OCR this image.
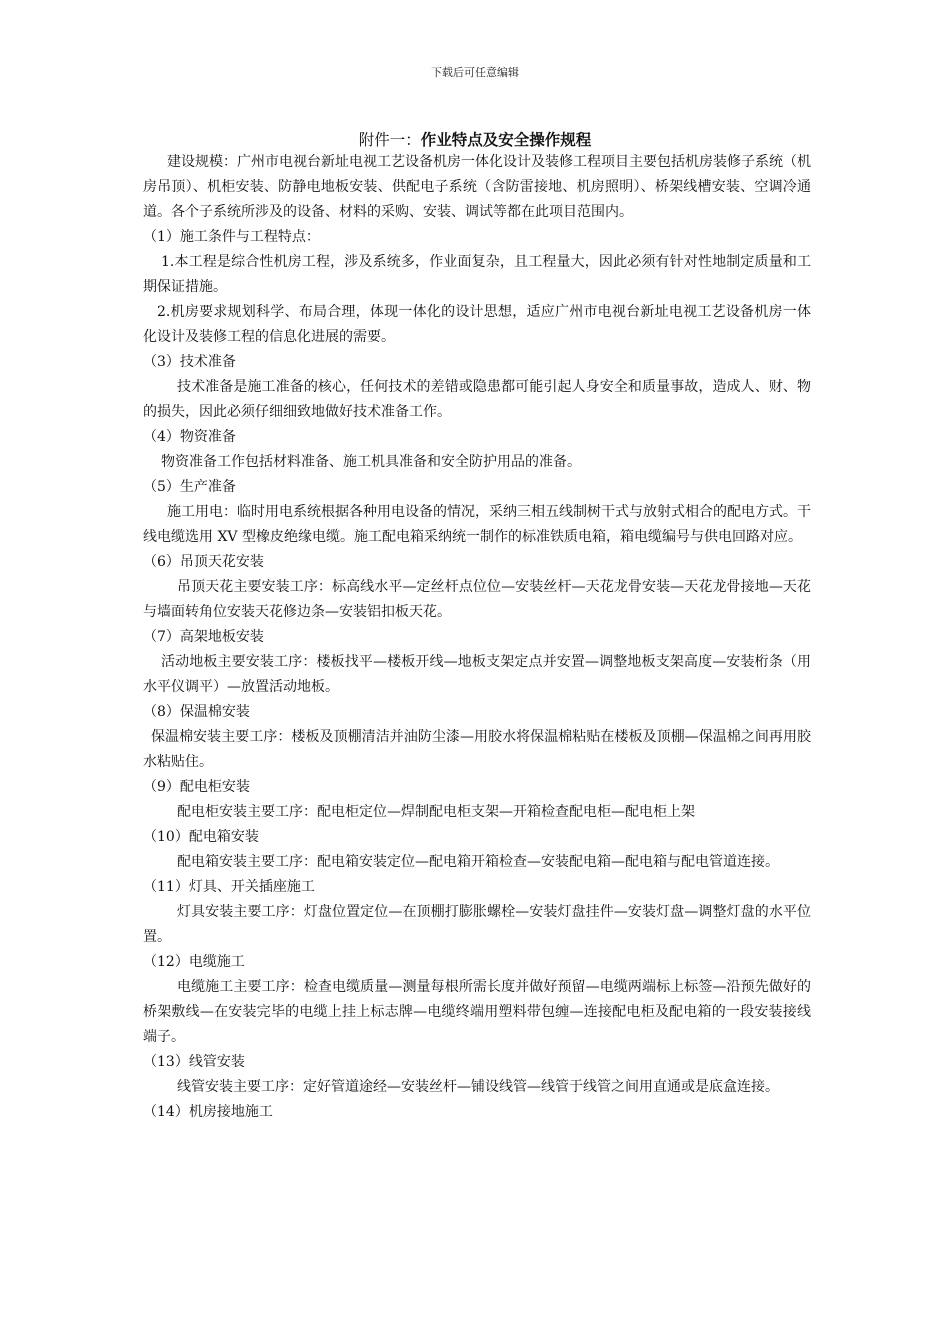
下载后可任意编辑
附件一：作业特点及安全操作规程

建设规模：广州市电视台新址电视工艺设备机房一体化设计及装修工程项目主要包括机房装修子系统（机房吊顶）、机柜安装、防静电地板安装、供配电子系统（含防雷接地、机房照明）、桥架线槽安装、空调冷通道。各个子系统所涉及的设备、材料的采购、安装、调试等都在此项目范围内。

（1）施工条件与工程特点：

1.本工程是综合性机房工程，涉及系统多，作业面复杂，且工程量大，因此必须有针对性地制定质量和工期保证措施。

2.机房要求规划科学、布局合理，体现一体化的设计思想，适应广州市电视台新址电视工艺设备机房一体化设计及装修工程的信息化进展的需要。

（3）技术准备

技术准备是施工准备的核心，任何技术的差错或隐患都可能引起人身安全和质量事故，造成人、财、物的损失，因此必须仔细细致地做好技术准备工作。

（4）物资准备

物资准备工作包括材料准备、施工机具准备和安全防护用品的准备。

（5）生产准备

施工用电：临时用电系统根据各种用电设备的情况，采纳三相五线制树干式与放射式相合的配电方式。干线电缆选用 XV 型橡皮绝缘电缆。施工配电箱采纳统一制作的标准铁质电箱，箱电缆编号与供电回路对应。

（6）吊顶天花安装

吊顶天花主要安装工序：标高线水平—定丝杆点位位—安装丝杆—天花龙骨安装—天花龙骨接地—天花与墙面转角位安装天花修边条—安装铝扣板天花。

（7）高架地板安装

活动地板主要安装工序：楼板找平—楼板开线—地板支架定点并安置—调整地板支架高度—安装桁条（用水平仪调平）—放置活动地板。

（8）保温棉安装

保温棉安装主要工序：楼板及顶棚清洁并油防尘漆—用胶水将保温棉粘贴在楼板及顶棚—保温棉之间再用胶水粘贴住。

（9）配电柜安装

配电柜安装主要工序：配电柜定位—焊制配电柜支架—开箱检查配电柜—配电柜上架

（10）配电箱安装

配电箱安装主要工序：配电箱安装定位—配电箱开箱检查—安装配电箱—配电箱与配电管道连接。

（11）灯具、开关插座施工

灯具安装主要工序：灯盘位置定位—在顶棚打膨胀螺栓—安装灯盘挂件—安装灯盘—调整灯盘的水平位置。

（12）电缆施工

电缆施工主要工序：检查电缆质量—测量每根所需长度并做好预留—电缆两端标上标签—沿预先做好的桥架敷线—在安装完毕的电缆上挂上标志牌—电缆终端用塑料带包缠—连接配电柜及配电箱的一段安装接线端子。

（13）线管安装

线管安装主要工序：定好管道途经—安装丝杆—铺设线管—线管于线管之间用直通或是底盒连接。

（14）机房接地施工
